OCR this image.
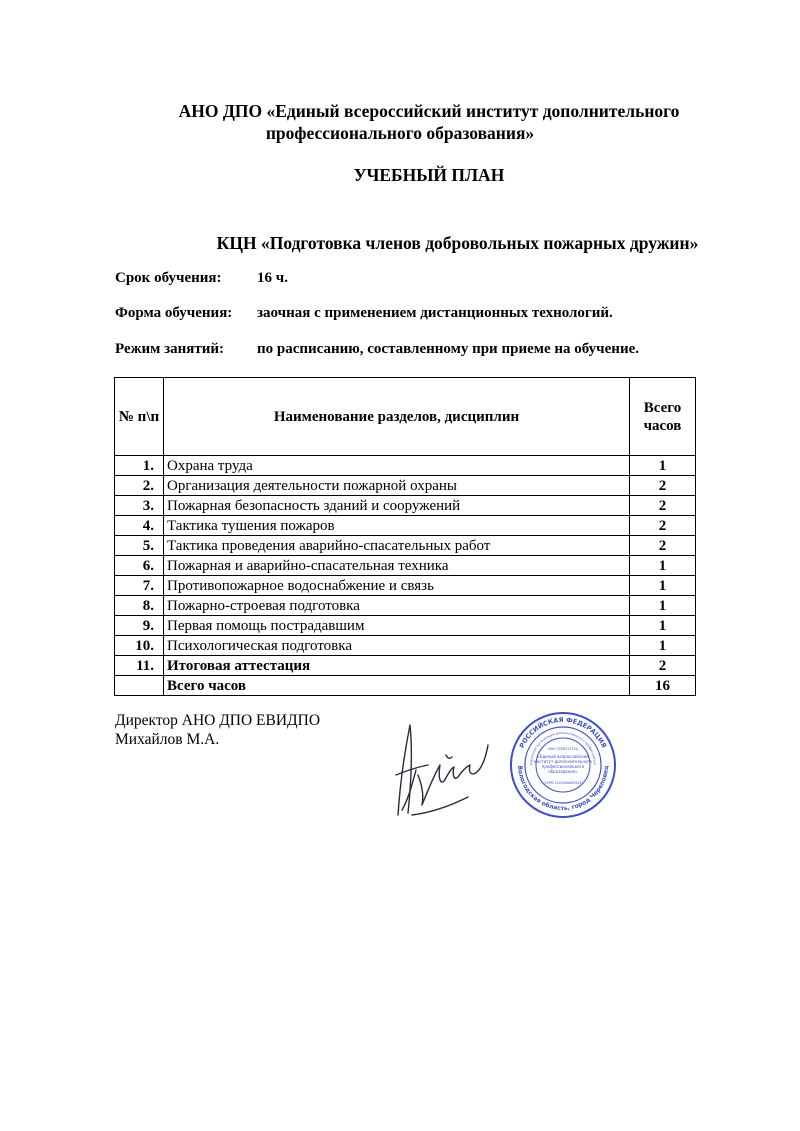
АНО ДПО «Единый всероссийский институт дополнительного
профессионального образования»
УЧЕБНЫЙ ПЛАН
КЦН «Подготовка членов добровольных пожарных дружин»
Срок обучения: 16 ч.
Форма обучения: заочная с применением дистанционных технологий.
Режим занятий: по расписанию, составленному при приеме на обучение.
№ п\п	Наименование разделов, дисциплин	Всего
часов
1.	Охрана труда	1
2.	Организация деятельности пожарной охраны	2
3.	Пожарная безопасность зданий и сооружений	2
4.	Тактика тушения пожаров	2
5.	Тактика проведения аварийно-спасательных работ	2
6.	Пожарная и аварийно-спасательная техника	1
7.	Противопожарное водоснабжение и связь	1
8.	Пожарно-строевая подготовка	1
9.	Первая помощь пострадавшим	1
10.	Психологическая подготовка	1
11.	Итоговая аттестация	2
	Всего часов	16
Директор АНО ДПО ЕВИДПО
Михайлов М.А.	РОССИЙСКАЯ ФЕДЕРАЦИЯ
Вологодская область, город Череповец
мерческая организация дополнительного профессионал
ИНН 3528313720
«Единый всероссийский
институт дополнительного
профессионального
образования»
ОГРН 1203500009545
